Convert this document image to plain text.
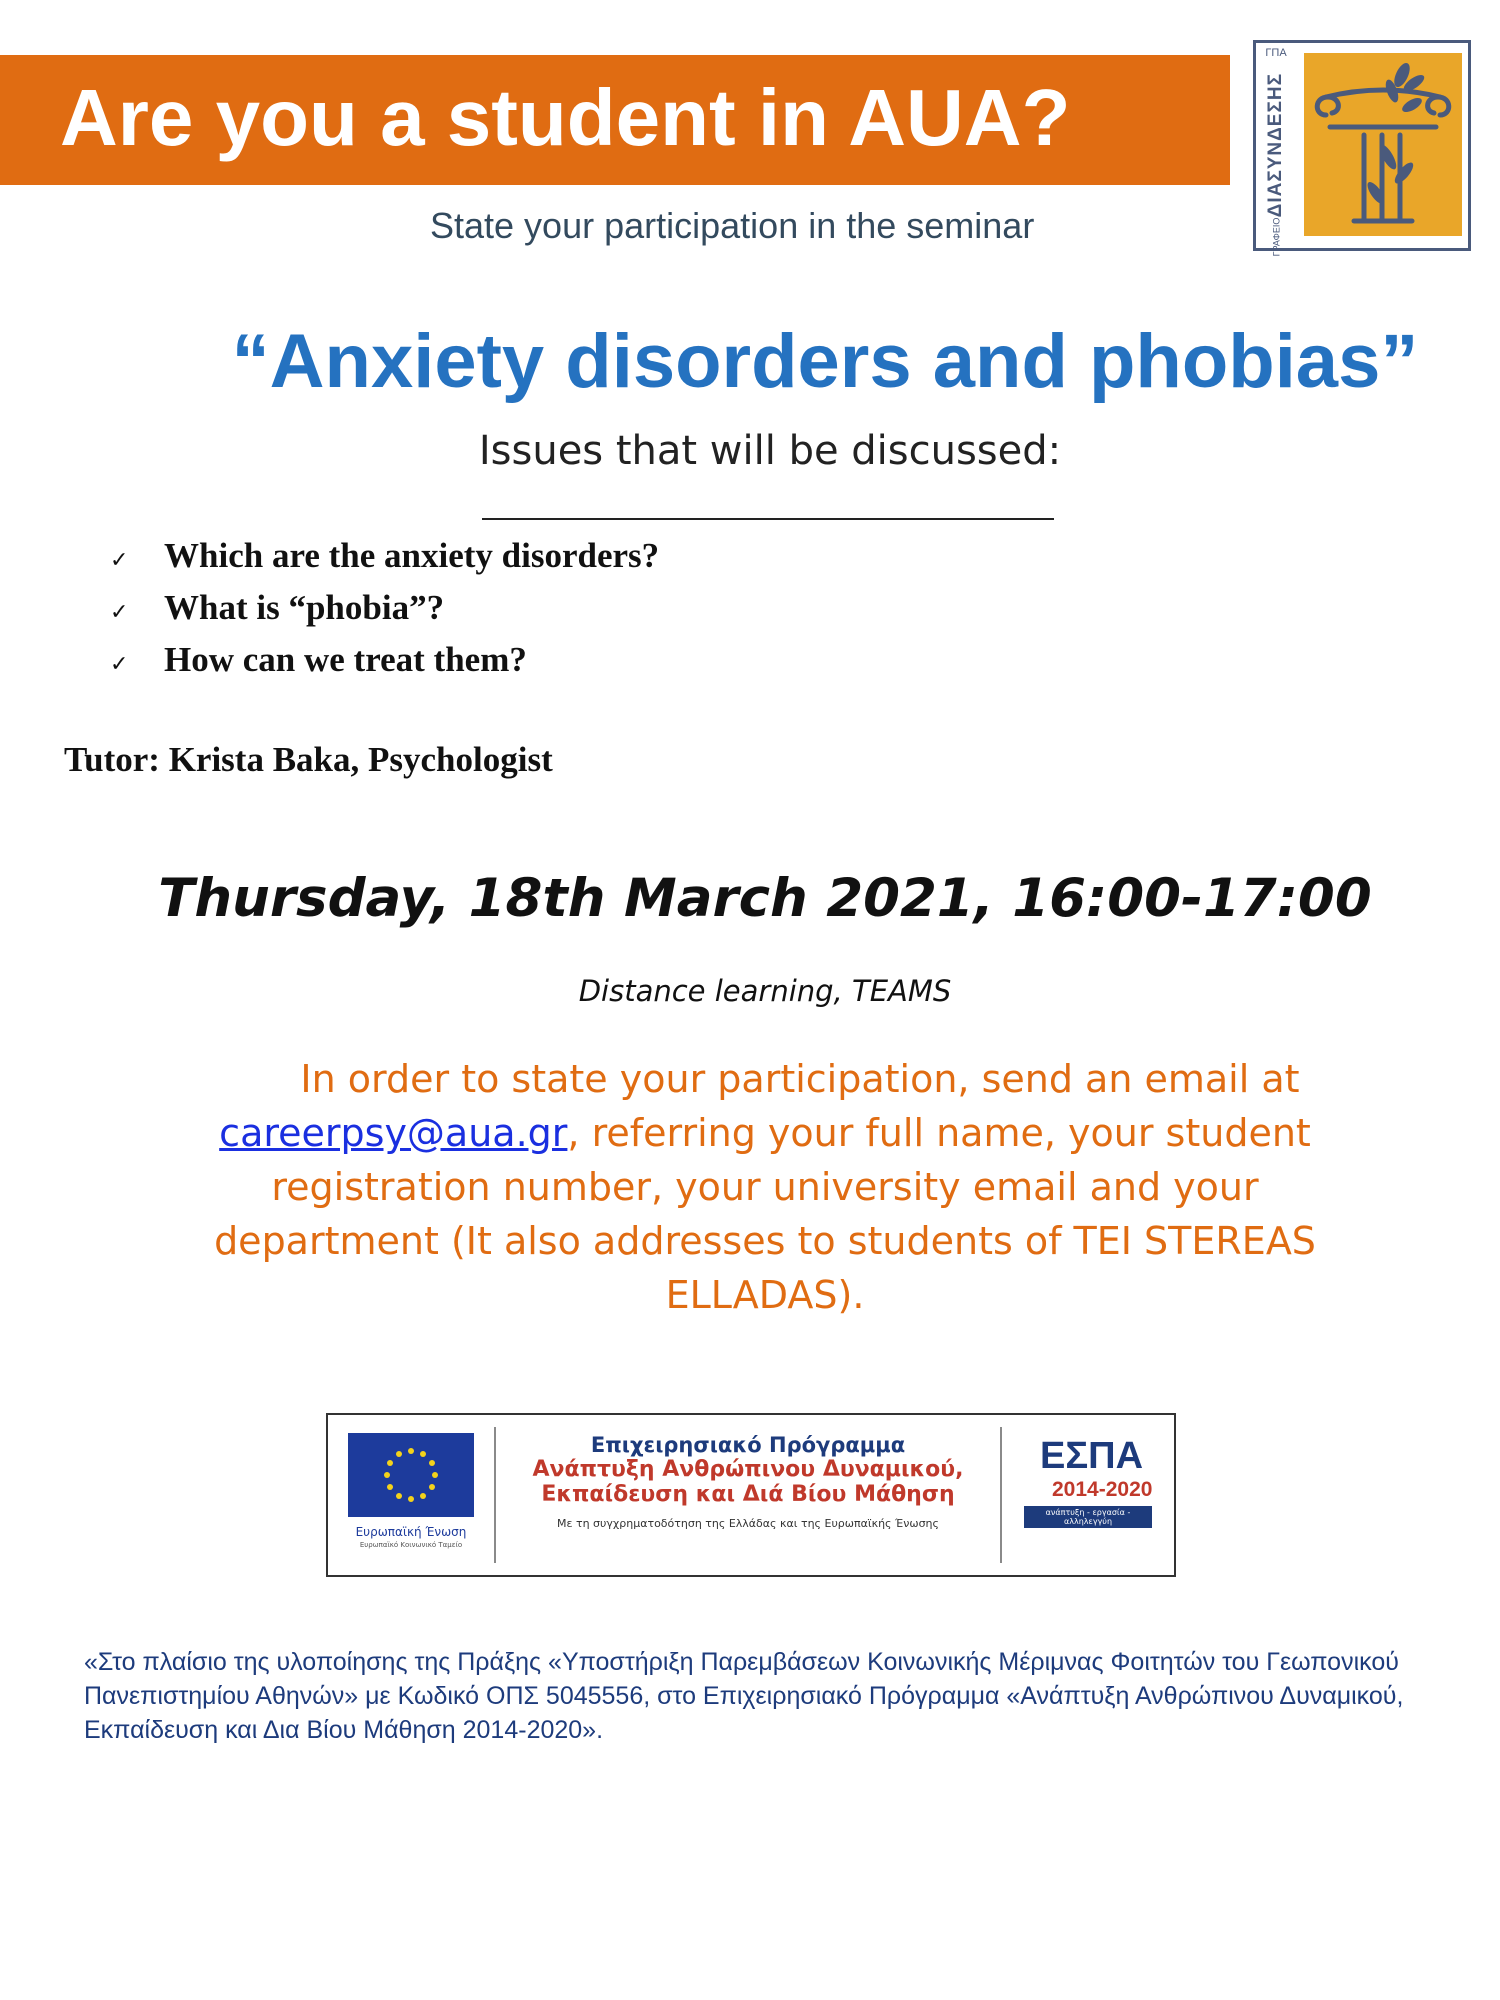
Are you a student in AUA?
State your participation in the seminar
ΓΠΑ
ΔΙΑΣΥΝΔΕΣΗΣ
ΓΡΑΦΕΙΟ
“Anxiety disorders and phobias”
Issues that will be discussed:
✓ Which are the anxiety disorders?
✓ What is “phobia”?
✓ How can we treat them?
Tutor: Krista Baka, Psychologist
Thursday, 18th March 2021, 16:00-17:00
Distance learning, TEAMS
In order to state your participation, send an email at careerpsy@aua.gr, referring your full name, your student registration number, your university email and your department (It also addresses to students of TEI STEREAS ELLADAS).
Ευρωπαϊκή Ένωση
Ευρωπαϊκό Κοινωνικό Ταμείο
Επιχειρησιακό Πρόγραμμα
Ανάπτυξη Ανθρώπινου Δυναμικού,
Εκπαίδευση και Διά Βίου Μάθηση
Με τη συγχρηματοδότηση της Ελλάδας και της Ευρωπαϊκής Ένωσης
ΕΣΠΑ
2014-2020
ανάπτυξη - εργασία - αλληλεγγύη
«Στο πλαίσιο της υλοποίησης της Πράξης «Υποστήριξη Παρεμβάσεων Κοινωνικής Μέριμνας Φοιτητών του Γεωπονικού Πανεπιστημίου Αθηνών» με Κωδικό ΟΠΣ 5045556, στο Επιχειρησιακό Πρόγραμμα «Ανάπτυξη Ανθρώπινου Δυναμικού, Εκπαίδευση και Δια Βίου Μάθηση 2014-2020».
